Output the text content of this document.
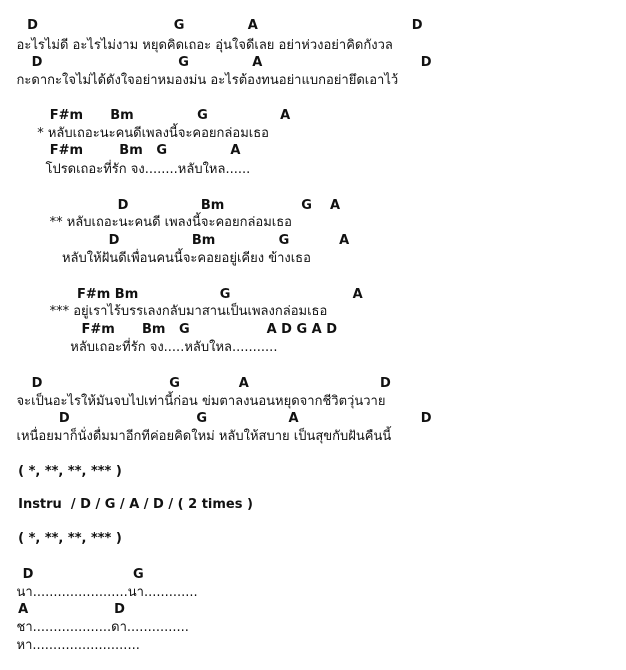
D                              G              A                                  D
อะไรไม่ดี อะไรไม่งาม หยุดคิดเถอะ อุ่นใจดีเลย อย่าห่วงอย่าคิดกังวล
D                              G              A                                   D
กะดากะใจไม่ได้ดังใจอย่าหมองม่น อะไรต้องทนอย่าแบกอย่ายึดเอาไว้
F#m      Bm              G                A
* หลับเถอะนะคนดีเพลงนี้จะคอยกล่อมเธอ
F#m        Bm   G              A
โปรดเถอะที่รัก จง........หลับใหล......
D                Bm                 G    A
** หลับเถอะนะคนดี เพลงนี้จะคอยกล่อมเธอ
D                Bm              G           A
หลับให้ฝันดีเพื่อนคนนี้จะคอยอยู่เคียง ข้างเธอ
F#m Bm                  G                           A
*** อยู่เราไร้บรรเลงกลับมาสานเป็นเพลงกล่อมเธอ
F#m      Bm   G                 A D G A D
หลับเถอะที่รัก จง.....หลับใหล...........
D                            G             A                             D
จะเป็นอะไรให้มันจบไปเท่านี้ก่อน ข่มตาลงนอนหยุดจากชีวิตวุ่นวาย
D                            G                  A                           D
เหนื่อยมาก็นั่งดื่มมาอีกทีค่อยคิดใหม่ หลับให้สบาย เป็นสุขกับฝันคืนนี้
( *, **, **, *** )
Instru  / D / G / A / D / ( 2 times )
( *, **, **, *** )
D                      G
นา.......................นา.............
A                   D
ชา...................ดา...............
หา..........................
